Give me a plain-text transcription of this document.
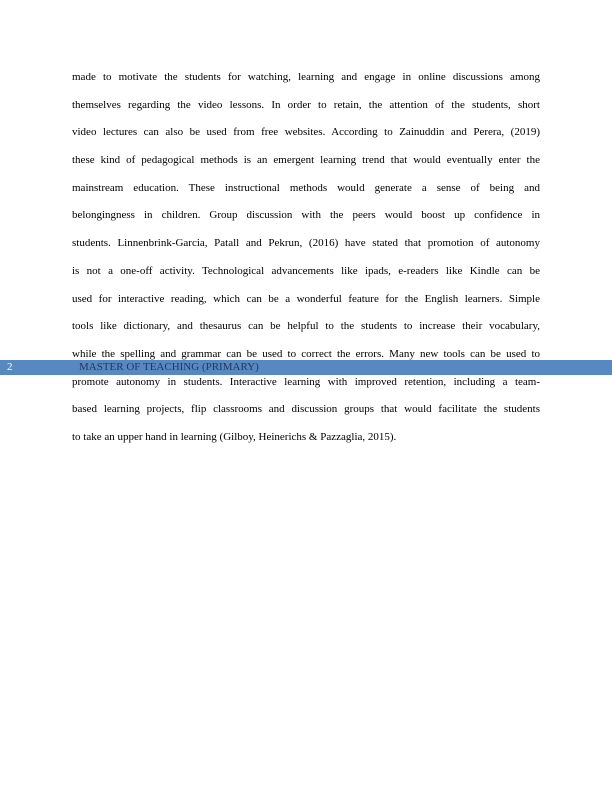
made to motivate the students for watching, learning and engage in online discussions among
themselves regarding the video lessons. In order to retain, the attention of the students, short
video lectures can also be used from free websites. According to Zainuddin and Perera, (2019)
these kind of pedagogical methods is an emergent learning trend that would eventually enter the
mainstream education. These instructional methods would generate a sense of being and
belongingness in children. Group discussion with the peers would boost up confidence in
students. Linnenbrink-Garcia, Patall and Pekrun, (2016) have stated that promotion of autonomy
is not a one-off activity. Technological advancements like ipads, e-readers like Kindle can be
used for interactive reading, which can be a wonderful feature for the English learners. Simple
tools like dictionary, and thesaurus can be helpful to the students to increase their vocabulary,
while the spelling and grammar can be used to correct the errors. Many new tools can be used to
promote autonomy in students. Interactive learning with improved retention, including a team-
based learning projects, flip classrooms and discussion groups that would facilitate the students
to take an upper hand in learning (Gilboy, Heinerichs & Pazzaglia, 2015).
2	MASTER OF TEACHING (PRIMARY)
